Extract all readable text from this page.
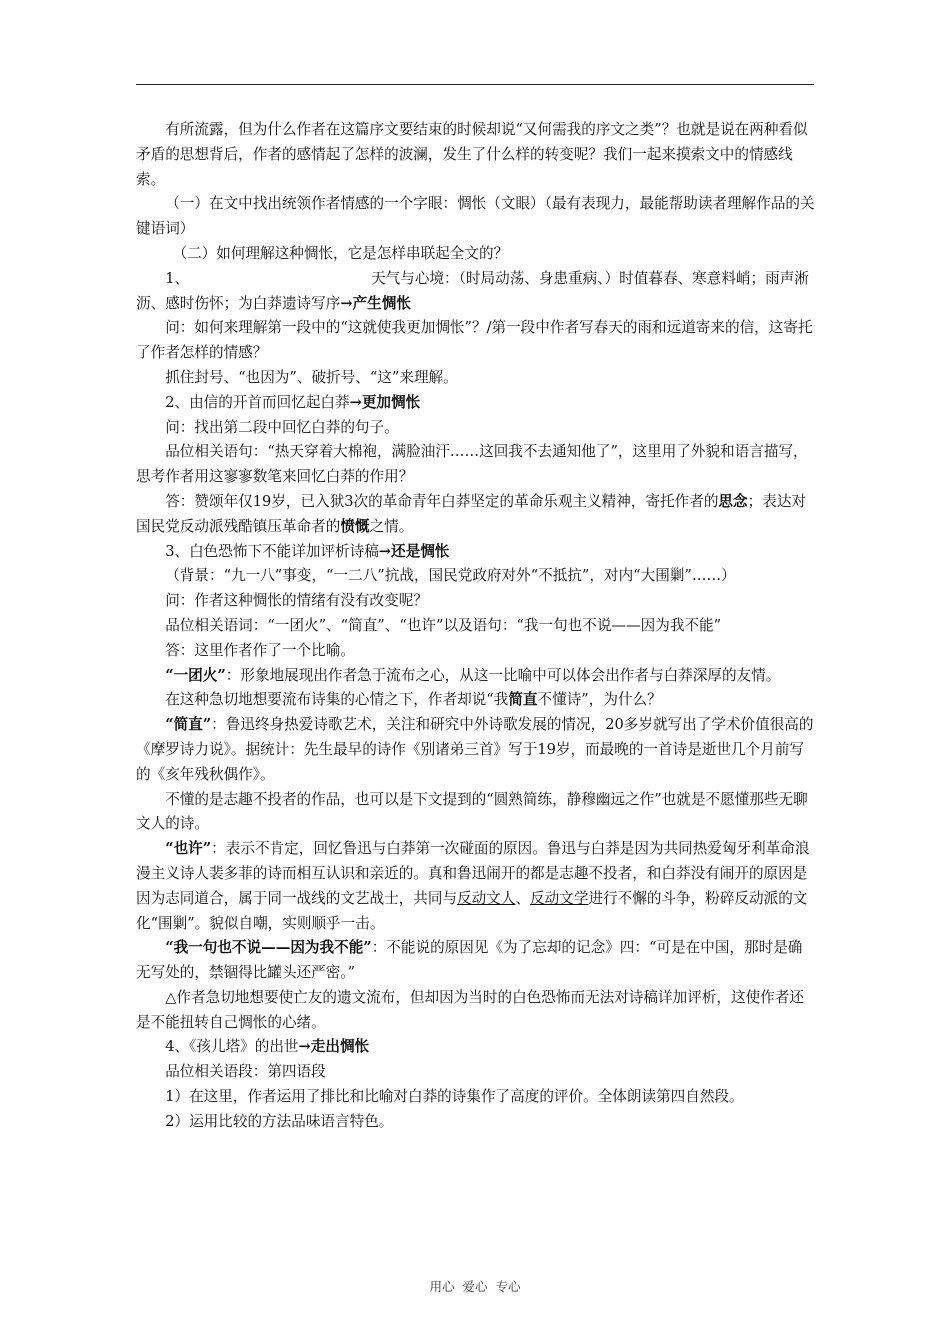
有所流露，但为什么作者在这篇序文要结束的时候却说“又何需我的序文之类”？也就是说在两种看似矛盾的思想背后，作者的感情起了怎样的波澜，发生了什么样的转变呢？我们一起来摸索文中的情感线索。

（一）在文中找出统领作者情感的一个字眼：惆怅（文眼）（最有表现力，最能帮助读者理解作品的关键语词）

（二）如何理解这种惆怅，它是怎样串联起全文的？

1、	天气与心境：（时局动荡、身患重病、）时值暮春、寒意料峭；雨声淅沥、感时伤怀；为白莽遗诗写序→产生惆怅

问：如何来理解第一段中的“这就使我更加惆怅”？/第一段中作者写春天的雨和远道寄来的信，这寄托了作者怎样的情感？

抓住封号、“也因为”、破折号、“这”来理解。

2、由信的开首而回忆起白莽→更加惆怅

问：找出第二段中回忆白莽的句子。

品位相关语句：“热天穿着大棉袍，满脸油汗……这回我不去通知他了”，这里用了外貌和语言描写，思考作者用这寥寥数笔来回忆白莽的作用？

答：赞颂年仅19岁，已入狱3次的革命青年白莽坚定的革命乐观主义精神，寄托作者的思念；表达对国民党反动派残酷镇压革命者的愤慨之情。

3、白色恐怖下不能详加评析诗稿→还是惆怅

（背景：“九一八”事变，“一二八”抗战，国民党政府对外“不抵抗”，对内“大围剿”……）

问：作者这种惆怅的情绪有没有改变呢？

品位相关语词：“一团火”、“简直”、“也许”以及语句：“我一句也不说——因为我不能”

答：这里作者作了一个比喻。

“一团火”：形象地展现出作者急于流布之心，从这一比喻中可以体会出作者与白莽深厚的友情。

在这种急切地想要流布诗集的心情之下，作者却说“我简直不懂诗”，为什么？

“简直”：鲁迅终身热爱诗歌艺术，关注和研究中外诗歌发展的情况，20多岁就写出了学术价值很高的《摩罗诗力说》。据统计：先生最早的诗作《别诸弟三首》写于19岁，而最晚的一首诗是逝世几个月前写的《亥年残秋偶作》。

不懂的是志趣不投者的作品，也可以是下文提到的“圆熟简练，静穆幽远之作”也就是不愿懂那些无聊文人的诗。

“也许”：表示不肯定，回忆鲁迅与白莽第一次碰面的原因。鲁迅与白莽是因为共同热爱匈牙利革命浪漫主义诗人裴多菲的诗而相互认识和亲近的。真和鲁迅闹开的都是志趣不投者，和白莽没有闹开的原因是因为志同道合，属于同一战线的文艺战士，共同与反动文人、反动文学进行不懈的斗争，粉碎反动派的文化“围剿”。貌似自嘲，实则顺乎一击。

“我一句也不说——因为我不能”：不能说的原因见《为了忘却的记念》四：“可是在中国，那时是确无写处的，禁锢得比罐头还严密。”

△作者急切地想要使亡友的遗文流布，但却因为当时的白色恐怖而无法对诗稿详加评析，这使作者还是不能扭转自己惆怅的心绪。

4、《孩儿塔》的出世→走出惆怅

品位相关语段：第四语段

1）在这里，作者运用了排比和比喻对白莽的诗集作了高度的评价。全体朗读第四自然段。

2）运用比较的方法品味语言特色。

用心 爱心 专心
